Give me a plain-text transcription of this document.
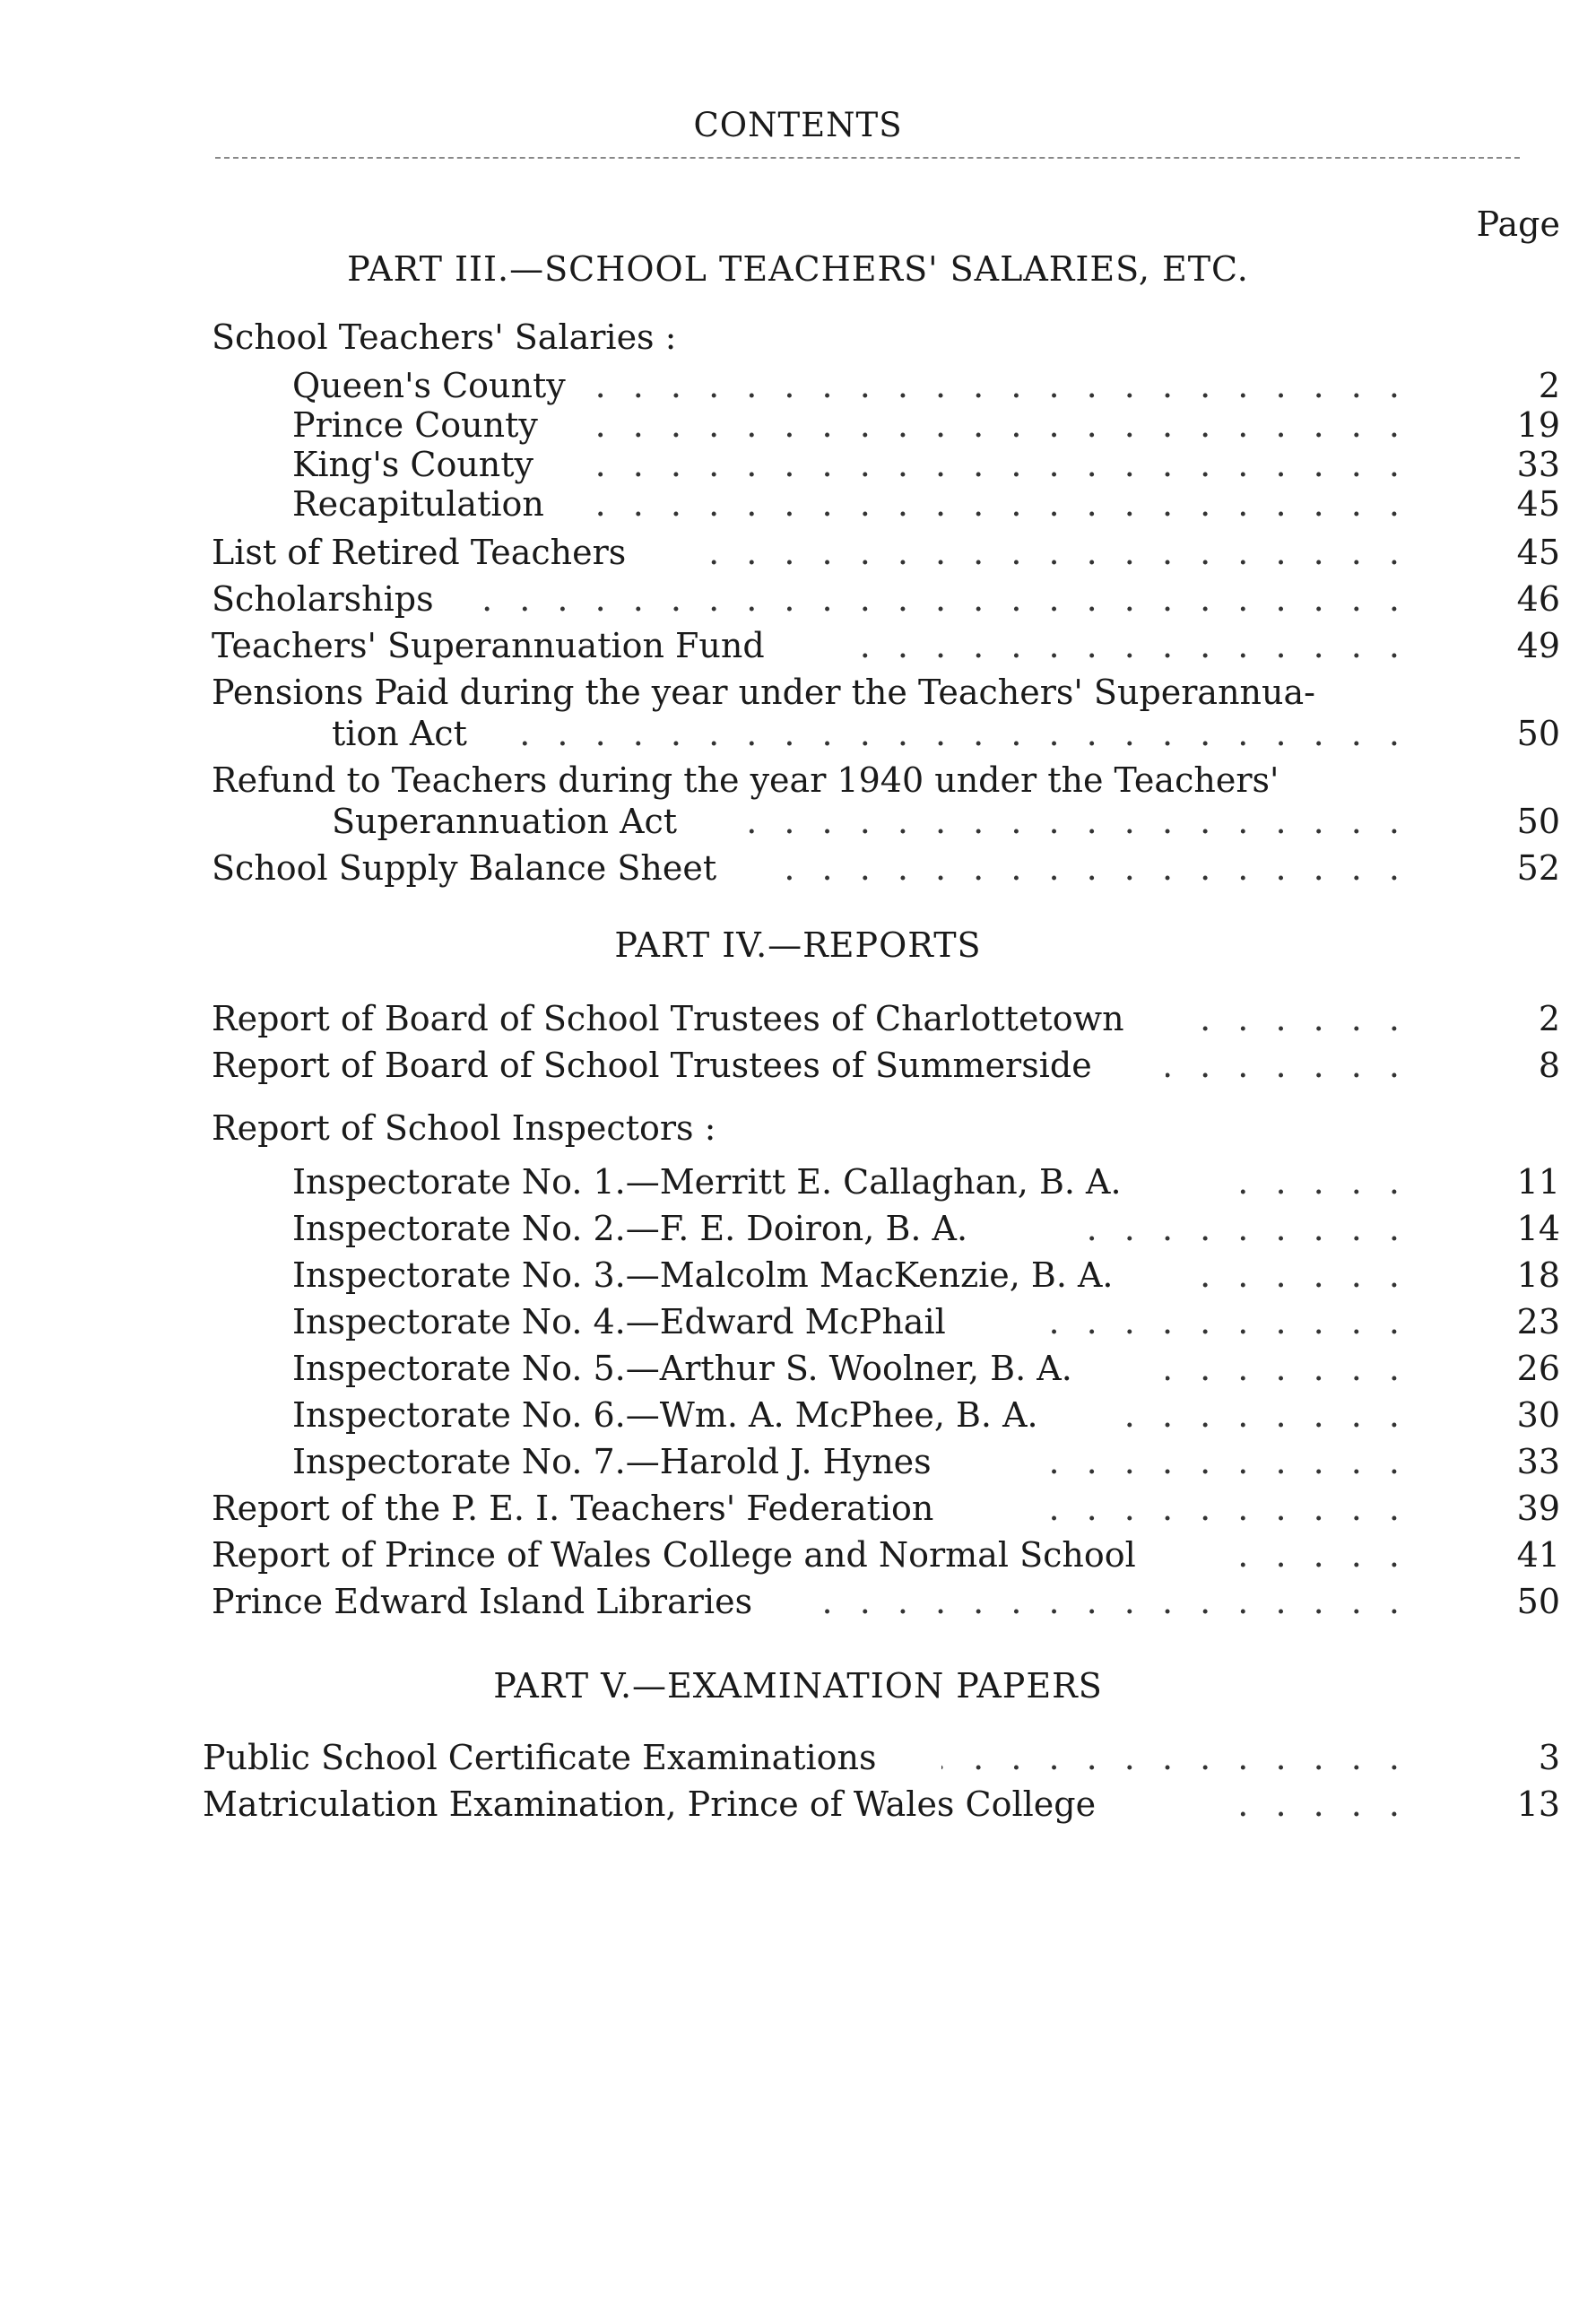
CONTENTS
Page
PART III.—SCHOOL TEACHERS' SALARIES, ETC.
School Teachers' Salaries :
Queen's County . . .	2
Prince County . . .	19
King's County . . .	33
Recapitulation . . .	45
List of Retired Teachers . . .	45
Scholarships . . .	46
Teachers' Superannuation Fund . . .	49
Pensions Paid during the year under the Teachers' Superannua-
tion Act . . .	50
Refund to Teachers during the year 1940 under the Teachers'
Superannuation Act . . .	50
School Supply Balance Sheet . . .	52
PART IV.—REPORTS
Report of Board of School Trustees of Charlottetown . . .	2
Report of Board of School Trustees of Summerside . . .	8
Report of School Inspectors :
Inspectorate No. 1.—Merritt E. Callaghan, B. A. . . .	11
Inspectorate No. 2.—F. E. Doiron, B. A. . . .	14
Inspectorate No. 3.—Malcolm MacKenzie, B. A. . . .	18
Inspectorate No. 4.—Edward McPhail . . .	23
Inspectorate No. 5.—Arthur S. Woolner, B. A. . . .	26
Inspectorate No. 6.—Wm. A. McPhee, B. A. . . .	30
Inspectorate No. 7.—Harold J. Hynes . . .	33
Report of the P. E. I. Teachers' Federation . . .	39
Report of Prince of Wales College and Normal School . . .	41
Prince Edward Island Libraries . . .	50
PART V.—EXAMINATION PAPERS
Public School Certificate Examinations . . .	3
Matriculation Examination, Prince of Wales College . . .	13
